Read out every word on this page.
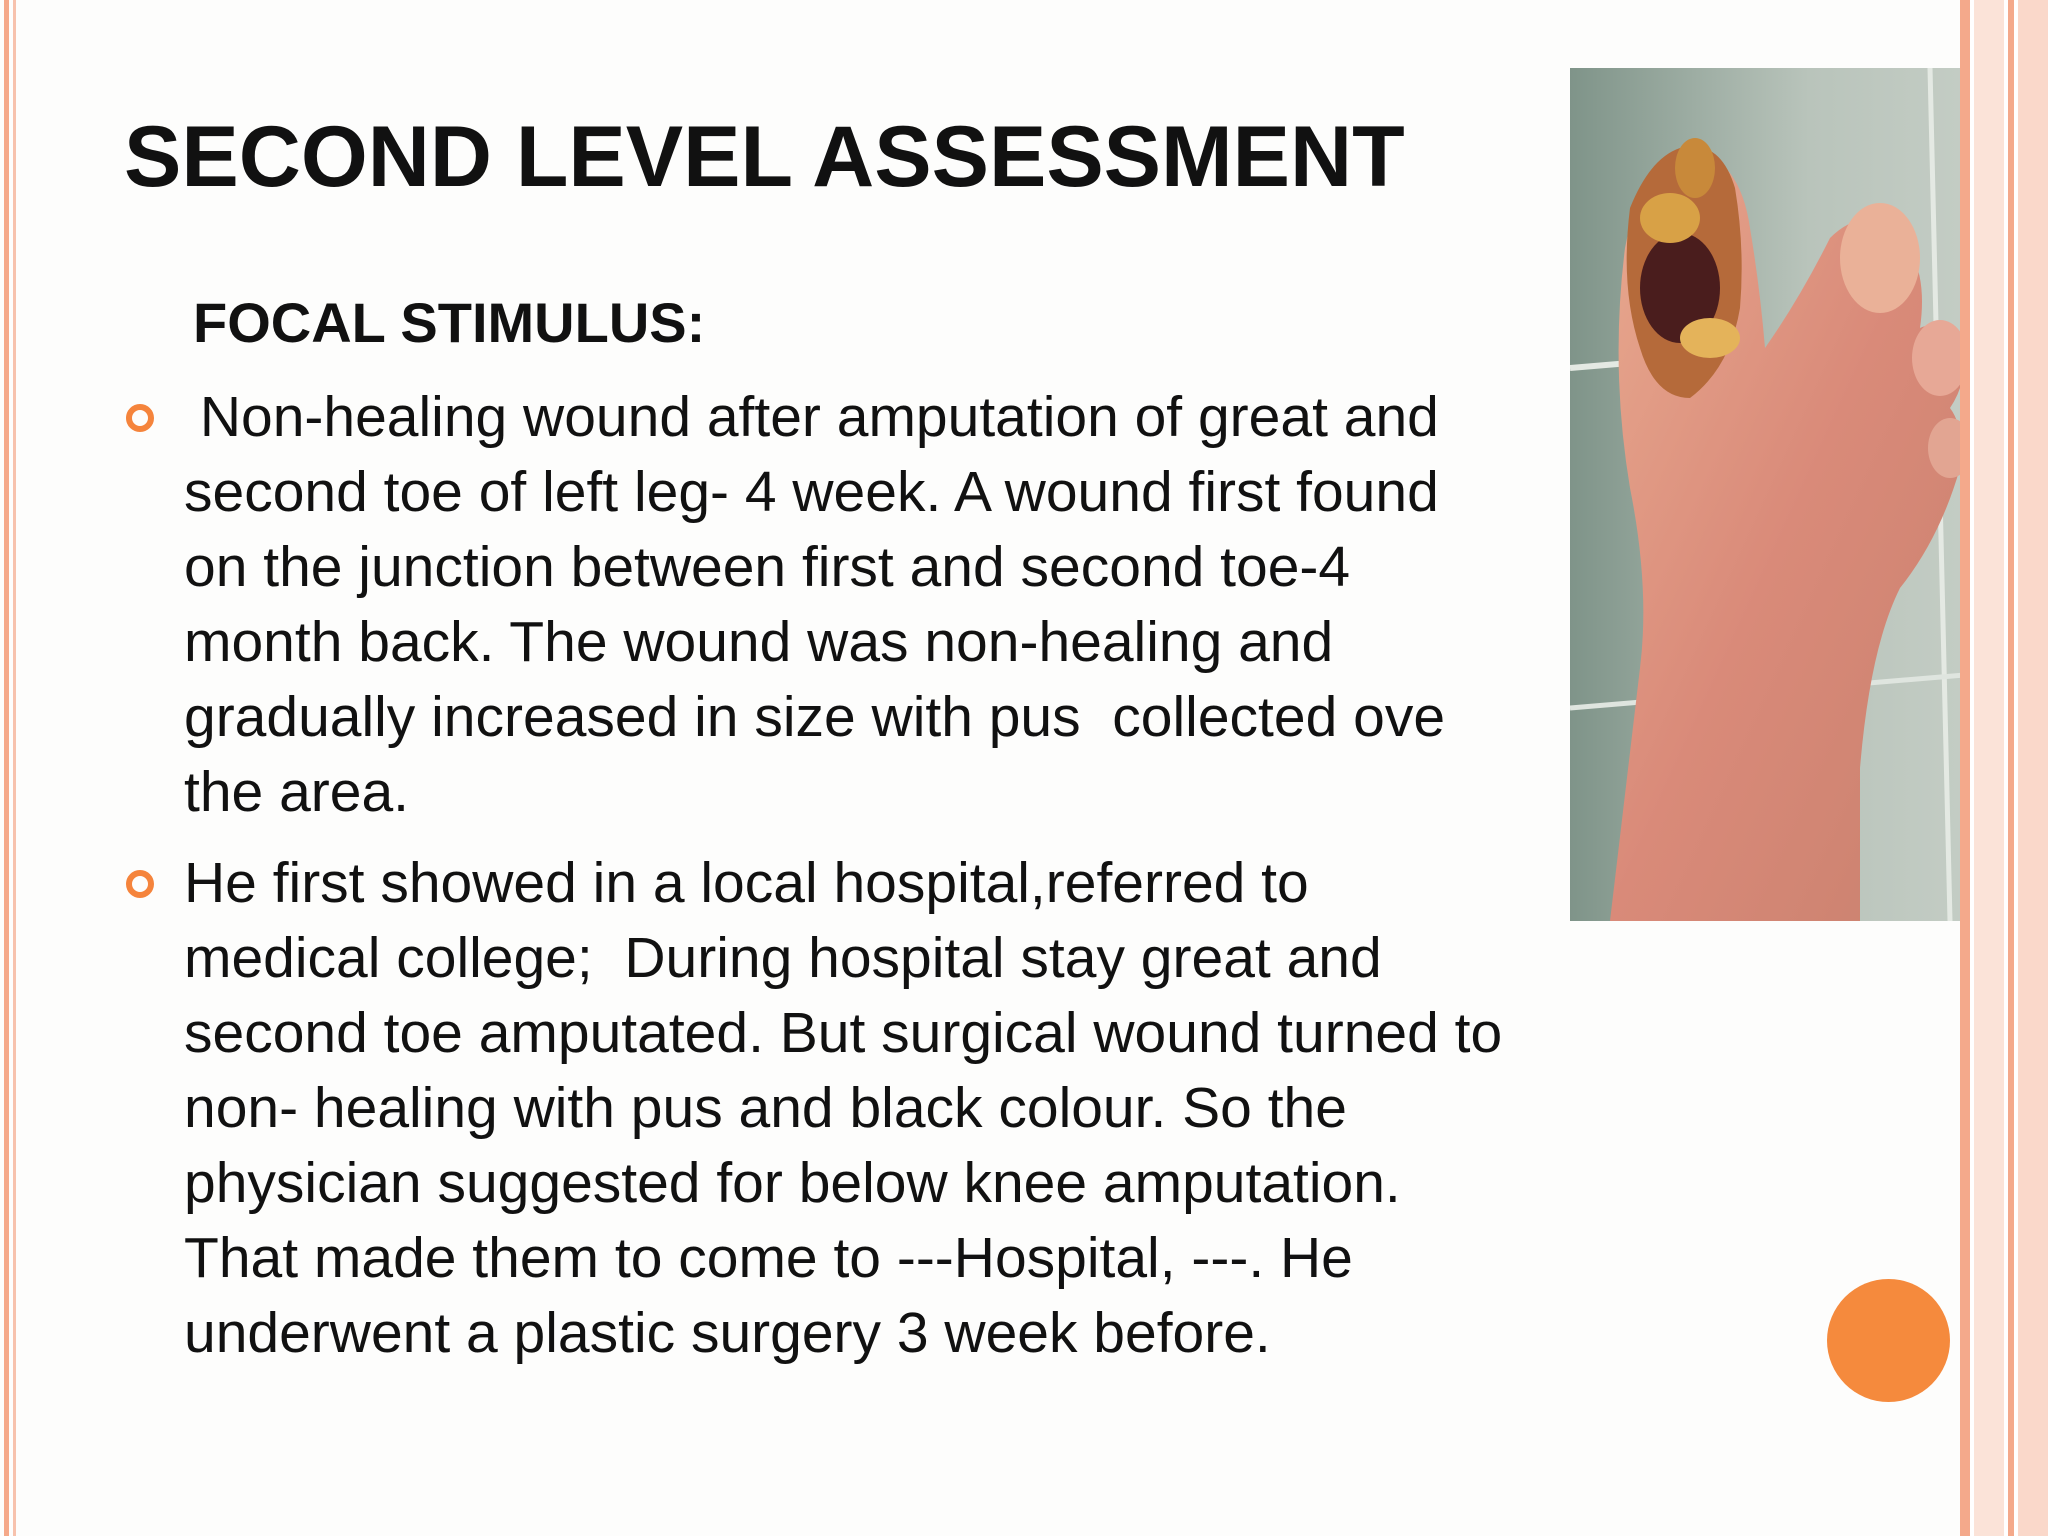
SECOND LEVEL ASSESSMENT
FOCAL STIMULUS:
Non-healing wound after amputation of great and
second toe of left leg- 4 week. A wound first found
on the junction between first and second toe-4
month back. The wound was non-healing and
gradually increased in size with pus  collected ove
the area.
He first showed in a local hospital,referred to
medical college;  During hospital stay great and
second toe amputated. But surgical wound turned to
non- healing with pus and black colour. So the
physician suggested for below knee amputation.
That made them to come to ---Hospital, ---. He
underwent a plastic surgery 3 week before.
